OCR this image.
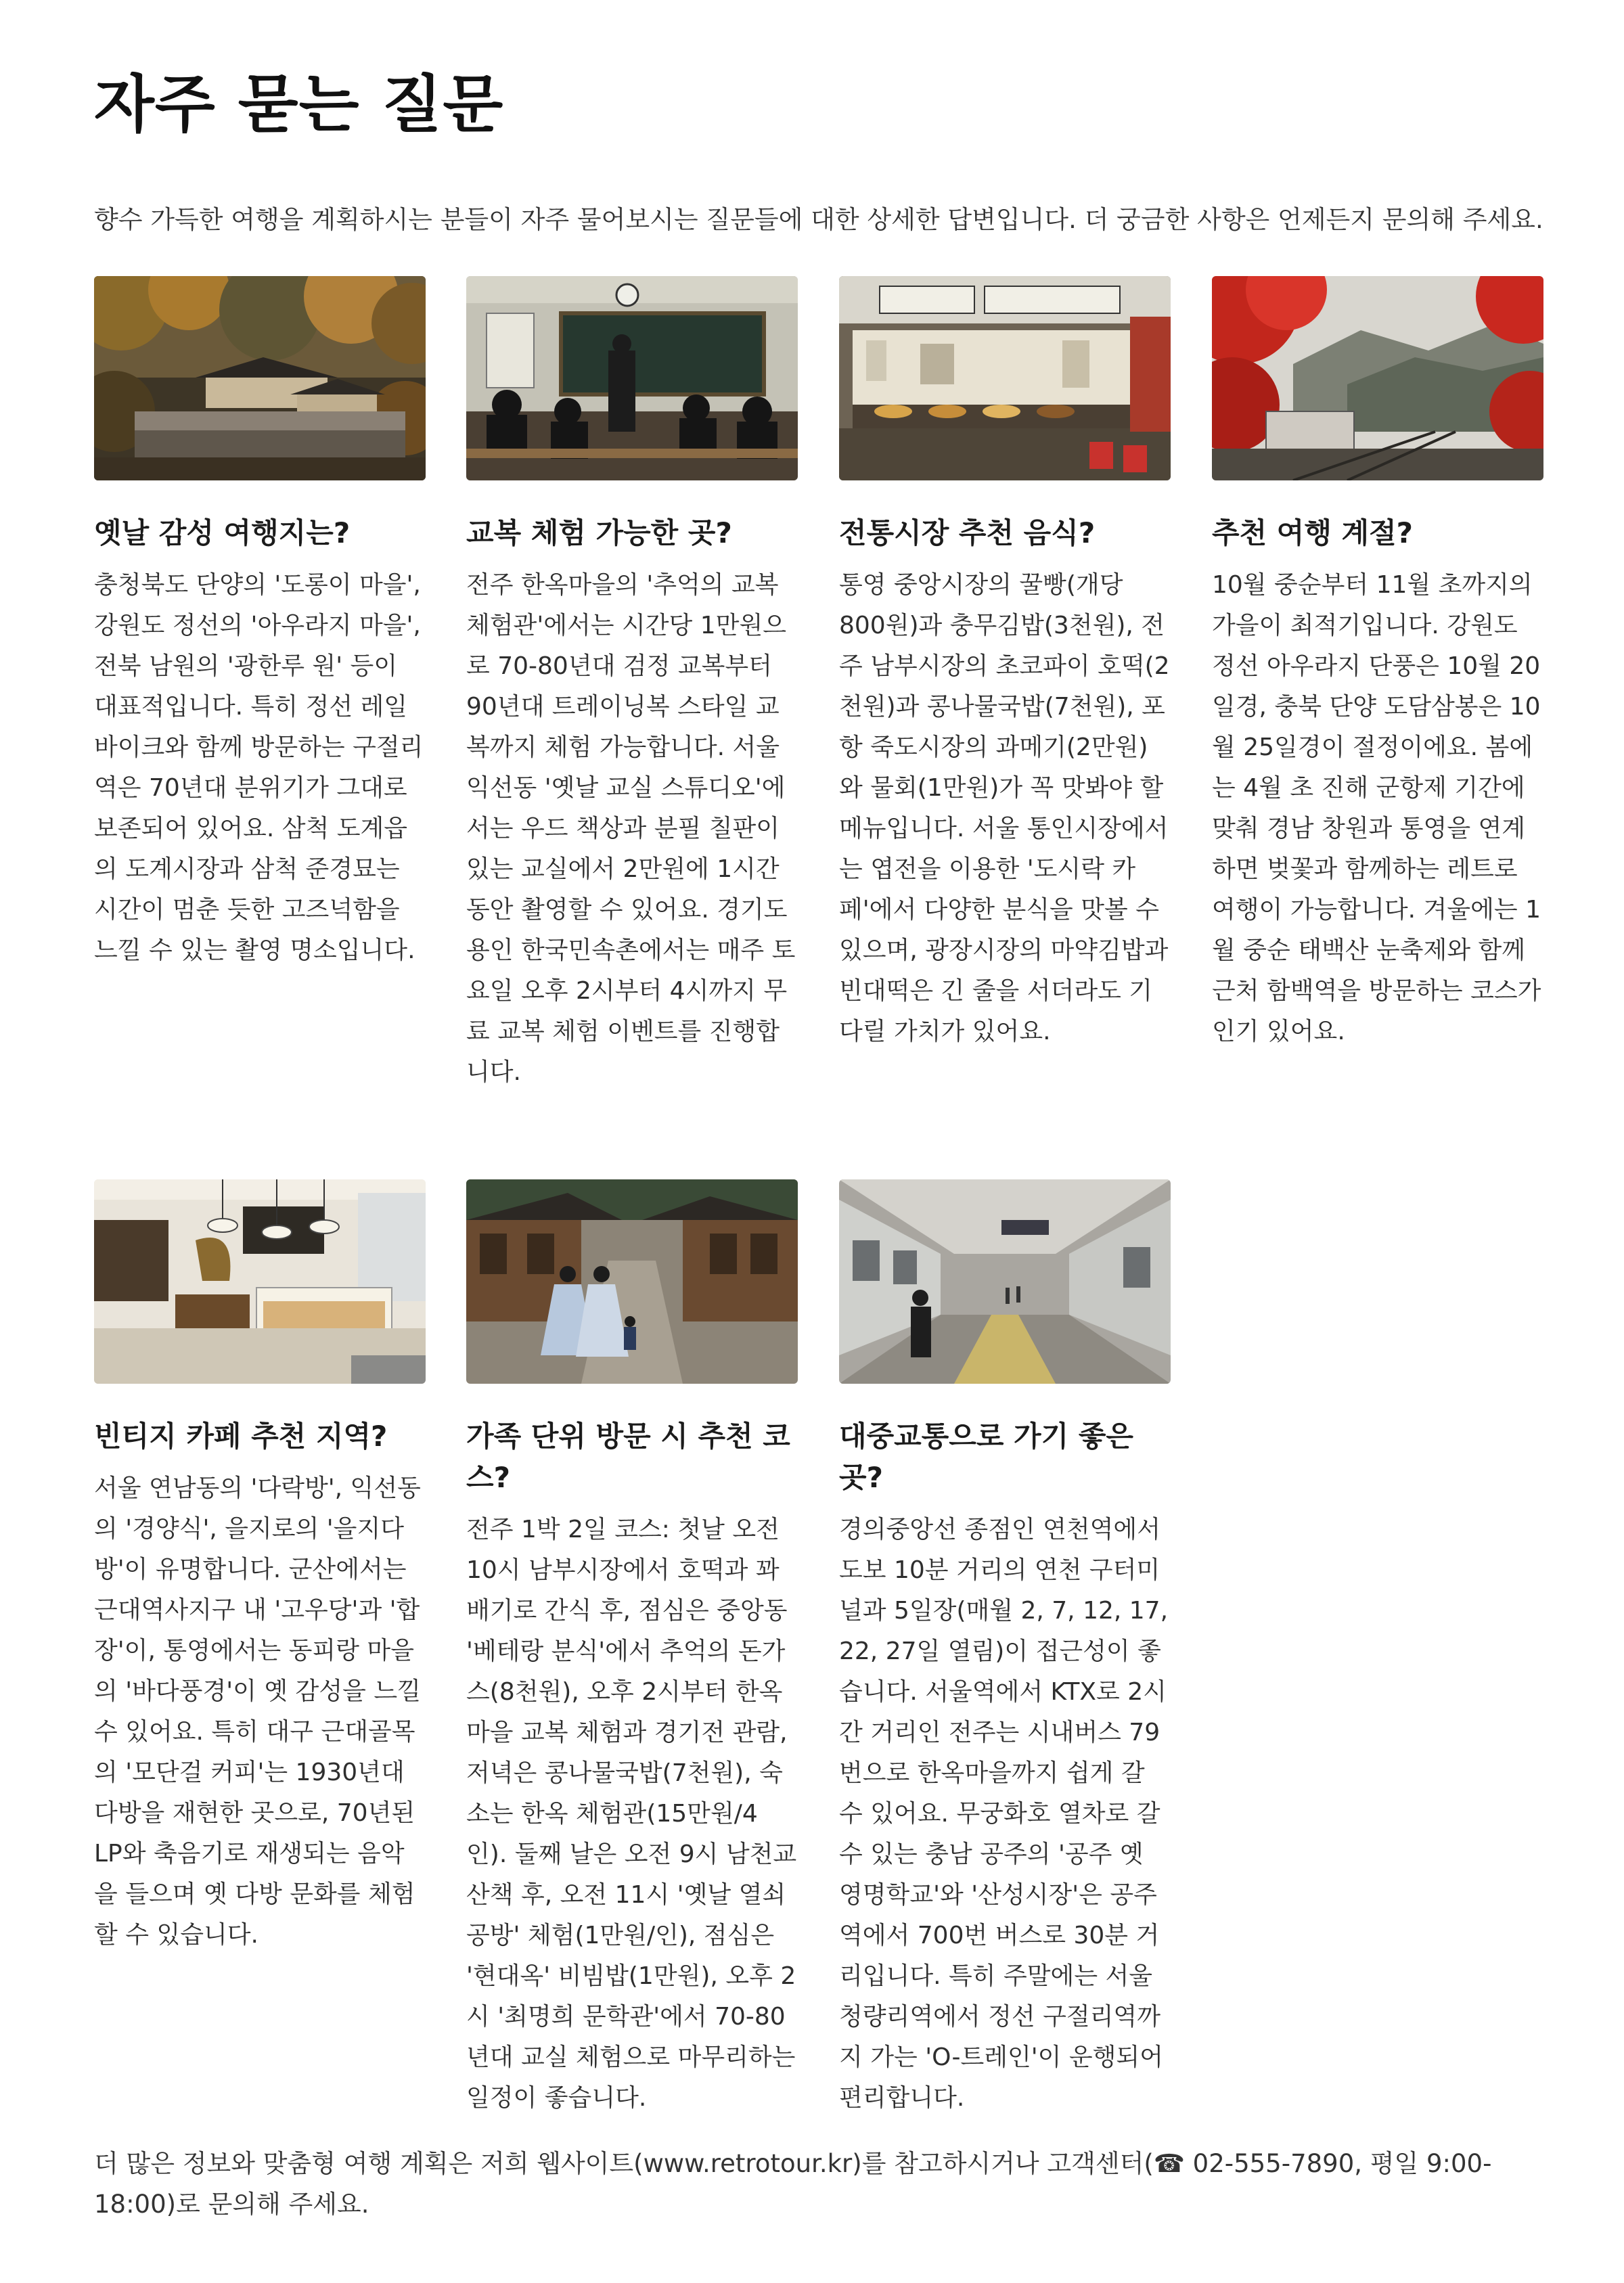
자주 묻는 질문

향수 가득한 여행을 계획하시는 분들이 자주 물어보시는 질문들에 대한 상세한 답변입니다. 더 궁금한 사항은 언제든지 문의해 주세요.

옛날 감성 여행지는?

충청북도 단양의 '도롱이 마을', 강원도 정선의 '아우라지 마을', 전북 남원의 '광한루 원' 등이 대표적입니다. 특히 정선 레일바이크와 함께 방문하는 구절리역은 70년대 분위기가 그대로 보존되어 있어요. 삼척 도계읍의 도계시장과 삼척 준경묘는 시간이 멈춘 듯한 고즈넉함을 느낄 수 있는 촬영 명소입니다.

교복 체험 가능한 곳?

전주 한옥마을의 '추억의 교복 체험관'에서는 시간당 1만원으로 70-80년대 검정 교복부터 90년대 트레이닝복 스타일 교복까지 체험 가능합니다. 서울 익선동 '옛날 교실 스튜디오'에서는 우드 책상과 분필 칠판이 있는 교실에서 2만원에 1시간 동안 촬영할 수 있어요. 경기도 용인 한국민속촌에서는 매주 토요일 오후 2시부터 4시까지 무료 교복 체험 이벤트를 진행합니다.

전통시장 추천 음식?

통영 중앙시장의 꿀빵(개당 800원)과 충무김밥(3천원), 전주 남부시장의 초코파이 호떡(2천원)과 콩나물국밥(7천원), 포항 죽도시장의 과메기(2만원)와 물회(1만원)가 꼭 맛봐야 할 메뉴입니다. 서울 통인시장에서는 엽전을 이용한 '도시락 카페'에서 다양한 분식을 맛볼 수 있으며, 광장시장의 마약김밥과 빈대떡은 긴 줄을 서더라도 기다릴 가치가 있어요.

추천 여행 계절?

10월 중순부터 11월 초까지의 가을이 최적기입니다. 강원도 정선 아우라지 단풍은 10월 20일경, 충북 단양 도담삼봉은 10월 25일경이 절정이에요. 봄에는 4월 초 진해 군항제 기간에 맞춰 경남 창원과 통영을 연계하면 벚꽃과 함께하는 레트로 여행이 가능합니다. 겨울에는 1월 중순 태백산 눈축제와 함께 근처 함백역을 방문하는 코스가 인기 있어요.

빈티지 카페 추천 지역?

서울 연남동의 '다락방', 익선동의 '경양식', 을지로의 '을지다방'이 유명합니다. 군산에서는 근대역사지구 내 '고우당'과 '합장'이, 통영에서는 동피랑 마을의 '바다풍경'이 옛 감성을 느낄 수 있어요. 특히 대구 근대골목의 '모단걸 커피'는 1930년대 다방을 재현한 곳으로, 70년된 LP와 축음기로 재생되는 음악을 들으며 옛 다방 문화를 체험할 수 있습니다.

가족 단위 방문 시 추천 코스?

전주 1박 2일 코스: 첫날 오전 10시 남부시장에서 호떡과 꽈배기로 간식 후, 점심은 중앙동 '베테랑 분식'에서 추억의 돈가스(8천원), 오후 2시부터 한옥마을 교복 체험과 경기전 관람, 저녁은 콩나물국밥(7천원), 숙소는 한옥 체험관(15만원/4인). 둘째 날은 오전 9시 남천교 산책 후, 오전 11시 '옛날 열쇠 공방' 체험(1만원/인), 점심은 '현대옥' 비빔밥(1만원), 오후 2시 '최명희 문학관'에서 70-80년대 교실 체험으로 마무리하는 일정이 좋습니다.

대중교통으로 가기 좋은 곳?

경의중앙선 종점인 연천역에서 도보 10분 거리의 연천 구터미널과 5일장(매월 2, 7, 12, 17, 22, 27일 열림)이 접근성이 좋습니다. 서울역에서 KTX로 2시간 거리인 전주는 시내버스 79번으로 한옥마을까지 쉽게 갈 수 있어요. 무궁화호 열차로 갈 수 있는 충남 공주의 '공주 옛 영명학교'와 '산성시장'은 공주역에서 700번 버스로 30분 거리입니다. 특히 주말에는 서울 청량리역에서 정선 구절리역까지 가는 'O-트레인'이 운행되어 편리합니다.

더 많은 정보와 맞춤형 여행 계획은 저희 웹사이트(www.retrotour.kr)를 참고하시거나 고객센터(☎ 02-555-7890, 평일 9:00-18:00)로 문의해 주세요.
